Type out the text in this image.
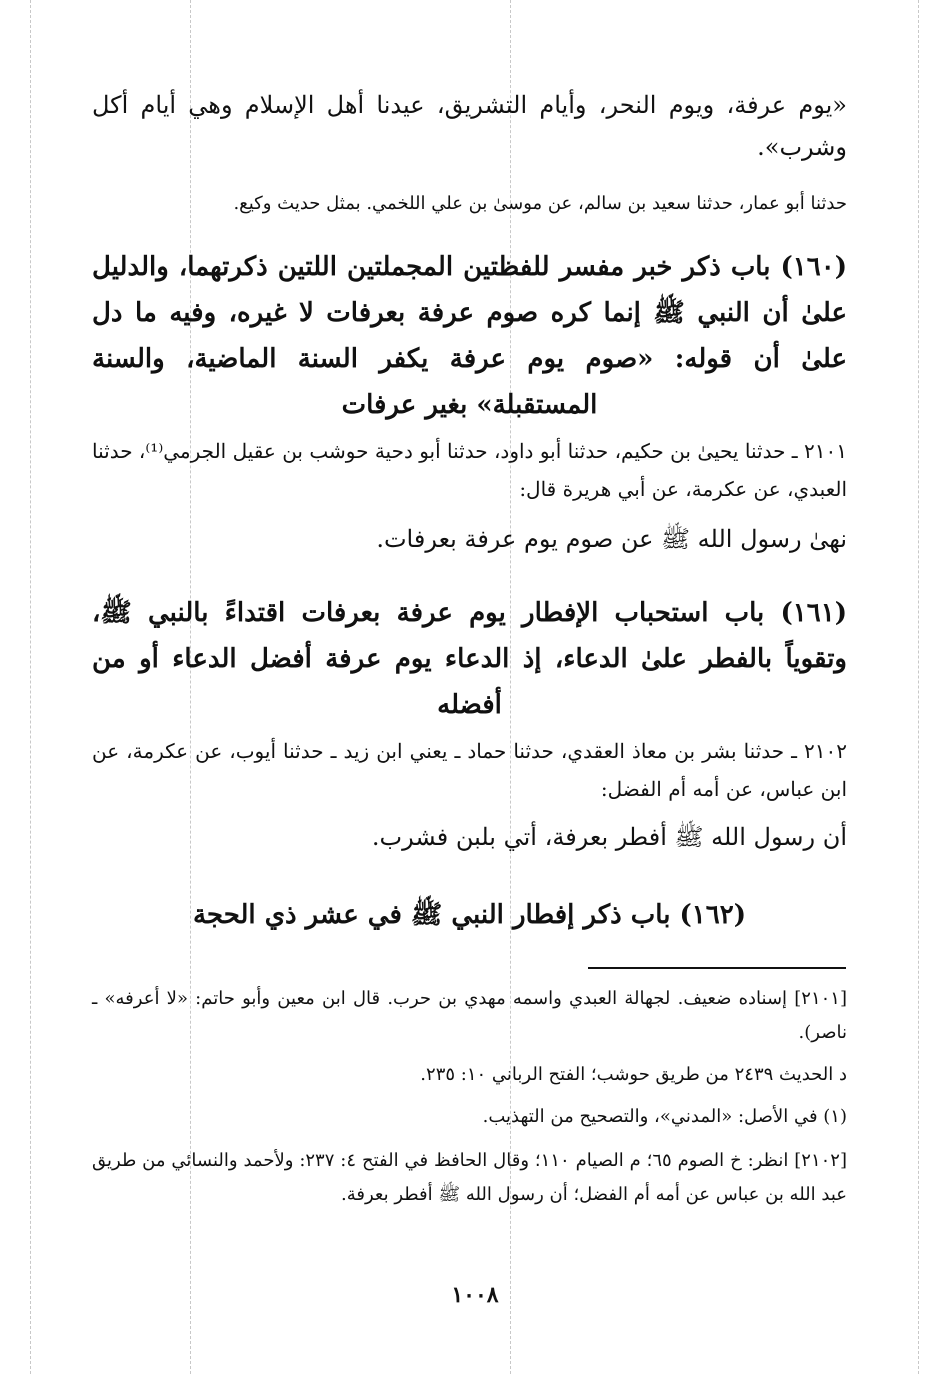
«يوم عرفة، ويوم النحر، وأيام التشريق، عيدنا أهل الإسلام وهي أيام أكل وشرب».
حدثنا أبو عمار، حدثنا سعيد بن سالم، عن موسىٰ بن علي اللخمي. بمثل حديث وكيع.
(١٦٠) باب ذكر خبر مفسر للفظتين المجملتين اللتين ذكرتهما، والدليل علىٰ أن النبي ﷺ إنما كره صوم عرفة بعرفات لا غيره، وفيه ما دل علىٰ أن قوله: «صوم يوم عرفة يكفر السنة الماضية، والسنة المستقبلة» بغير عرفات
٢١٠١ ـ حدثنا يحيىٰ بن حكيم، حدثنا أبو داود، حدثنا أبو دحية حوشب بن عقيل الجرمي⁽¹⁾، حدثنا العبدي، عن عكرمة، عن أبي هريرة قال:
نهىٰ رسول الله ﷺ عن صوم يوم عرفة بعرفات.
(١٦١) باب استحباب الإفطار يوم عرفة بعرفات اقتداءً بالنبي ﷺ، وتقوياً بالفطر علىٰ الدعاء، إذ الدعاء يوم عرفة أفضل الدعاء أو من أفضله
٢١٠٢ ـ حدثنا بشر بن معاذ العقدي، حدثنا حماد ـ يعني ابن زيد ـ حدثنا أيوب، عن عكرمة، عن ابن عباس، عن أمه أم الفضل:
أن رسول الله ﷺ أفطر بعرفة، أتي بلبن فشرب.
(١٦٢) باب ذكر إفطار النبي ﷺ في عشر ذي الحجة
[٢١٠١] إسناده ضعيف. لجهالة العبدي واسمه مهدي بن حرب. قال ابن معين وأبو حاتم: «لا أعرفه» ـ ناصر).
د الحديث ٢٤٣٩ من طريق حوشب؛ الفتح الرباني ١٠: ٢٣٥.
(١) في الأصل: «المدني»، والتصحيح من التهذيب.
[٢١٠٢] انظر: خ الصوم ٦٥؛ م الصيام ١١٠؛ وقال الحافظ في الفتح ٤: ٢٣٧: ولأحمد والنسائي من طريق عبد الله بن عباس عن أمه أم الفضل؛ أن رسول الله ﷺ أفطر بعرفة.
١٠٠٨
